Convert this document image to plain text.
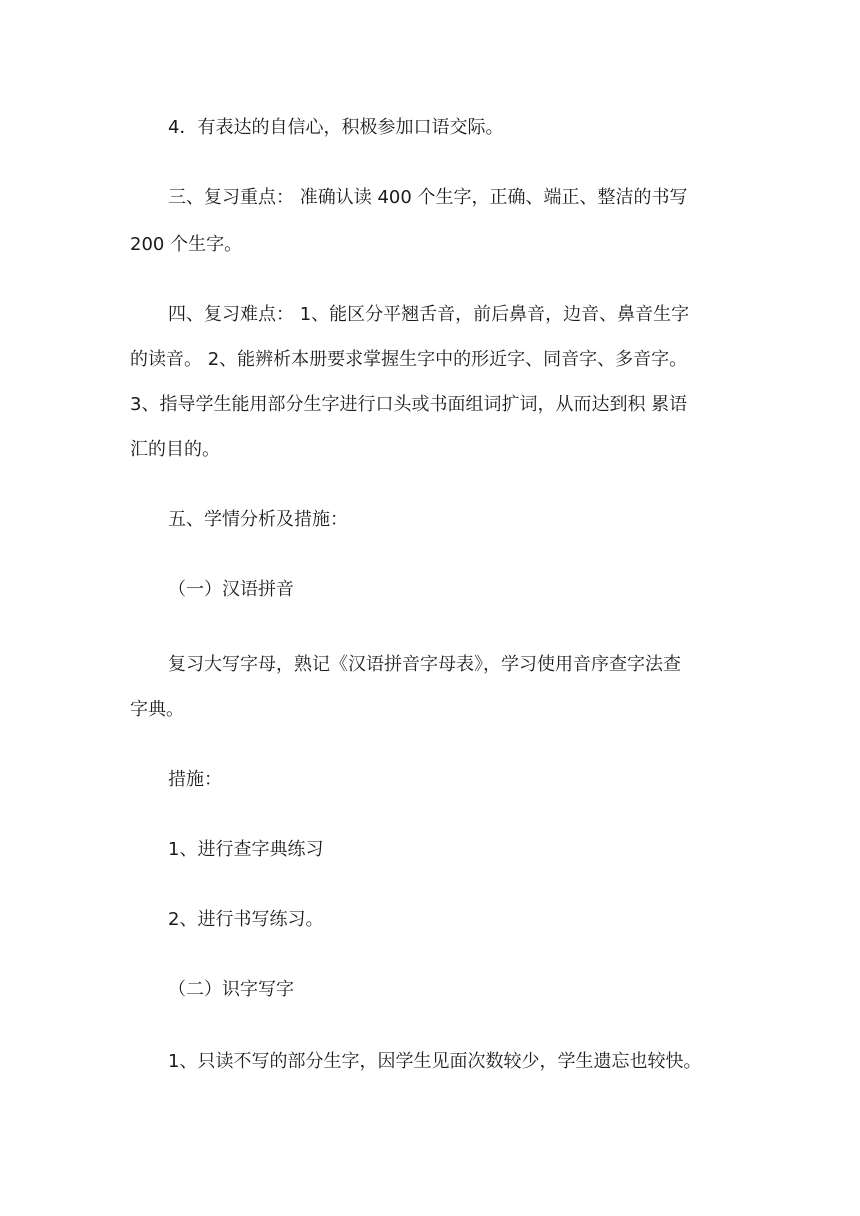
4．有表达的自信心，积极参加口语交际。
三、复习重点： 准确认读 400 个生字，正确、端正、整洁的书写
200 个生字。
四、复习难点： 1、能区分平翘舌音，前后鼻音，边音、鼻音生字
的读音。 2、能辨析本册要求掌握生字中的形近字、同音字、多音字。
3、指导学生能用部分生字进行口头或书面组词扩词，从而达到积 累语
汇的目的。
五、学情分析及措施：
（一）汉语拼音
复习大写字母，熟记《汉语拼音字母表》，学习使用音序查字法查
字典。
措施：
1、进行查字典练习
2、进行书写练习。
（二）识字写字
1、只读不写的部分生字，因学生见面次数较少，学生遗忘也较快。
